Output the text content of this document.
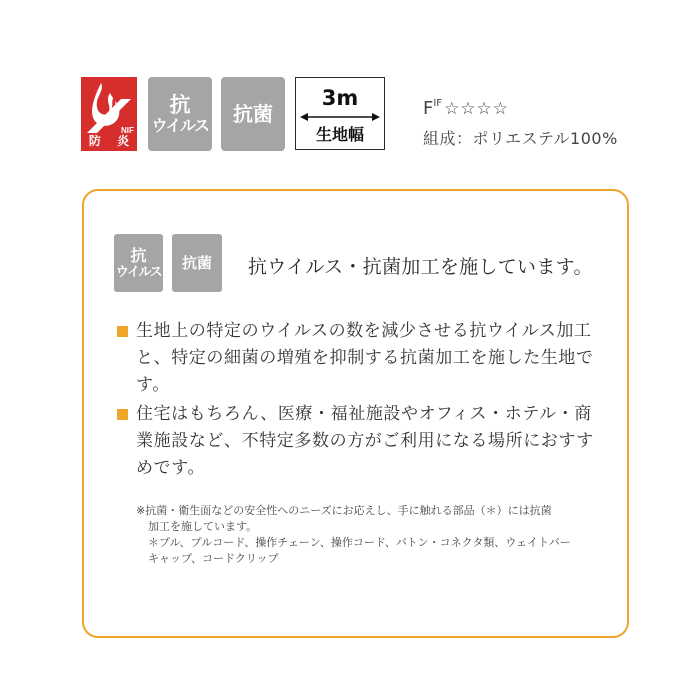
NIF
防 炎
抗
ウイルス 抗菌
3m
生地幅
F IF ☆☆☆☆
組成：ポリエステル100%
抗
ウイルス
抗菌 抗ウイルス・抗菌加工を施しています。
生地上の特定のウイルスの数を減少させる抗ウイルス加工と、特定の細菌の増殖を抑制する抗菌加工を施した生地です。
住宅はもちろん、医療・福祉施設やオフィス・ホテル・商業施設など、不特定多数の方がご利用になる場所におすすめです。
※抗菌・衛生面などの安全性へのニーズにお応えし、手に触れる部品（＊）には抗菌
加工を施しています。
＊プル、プルコード、操作チェーン、操作コード、バトン・コネクタ類、ウェイトバー
キャップ、コードクリップ
